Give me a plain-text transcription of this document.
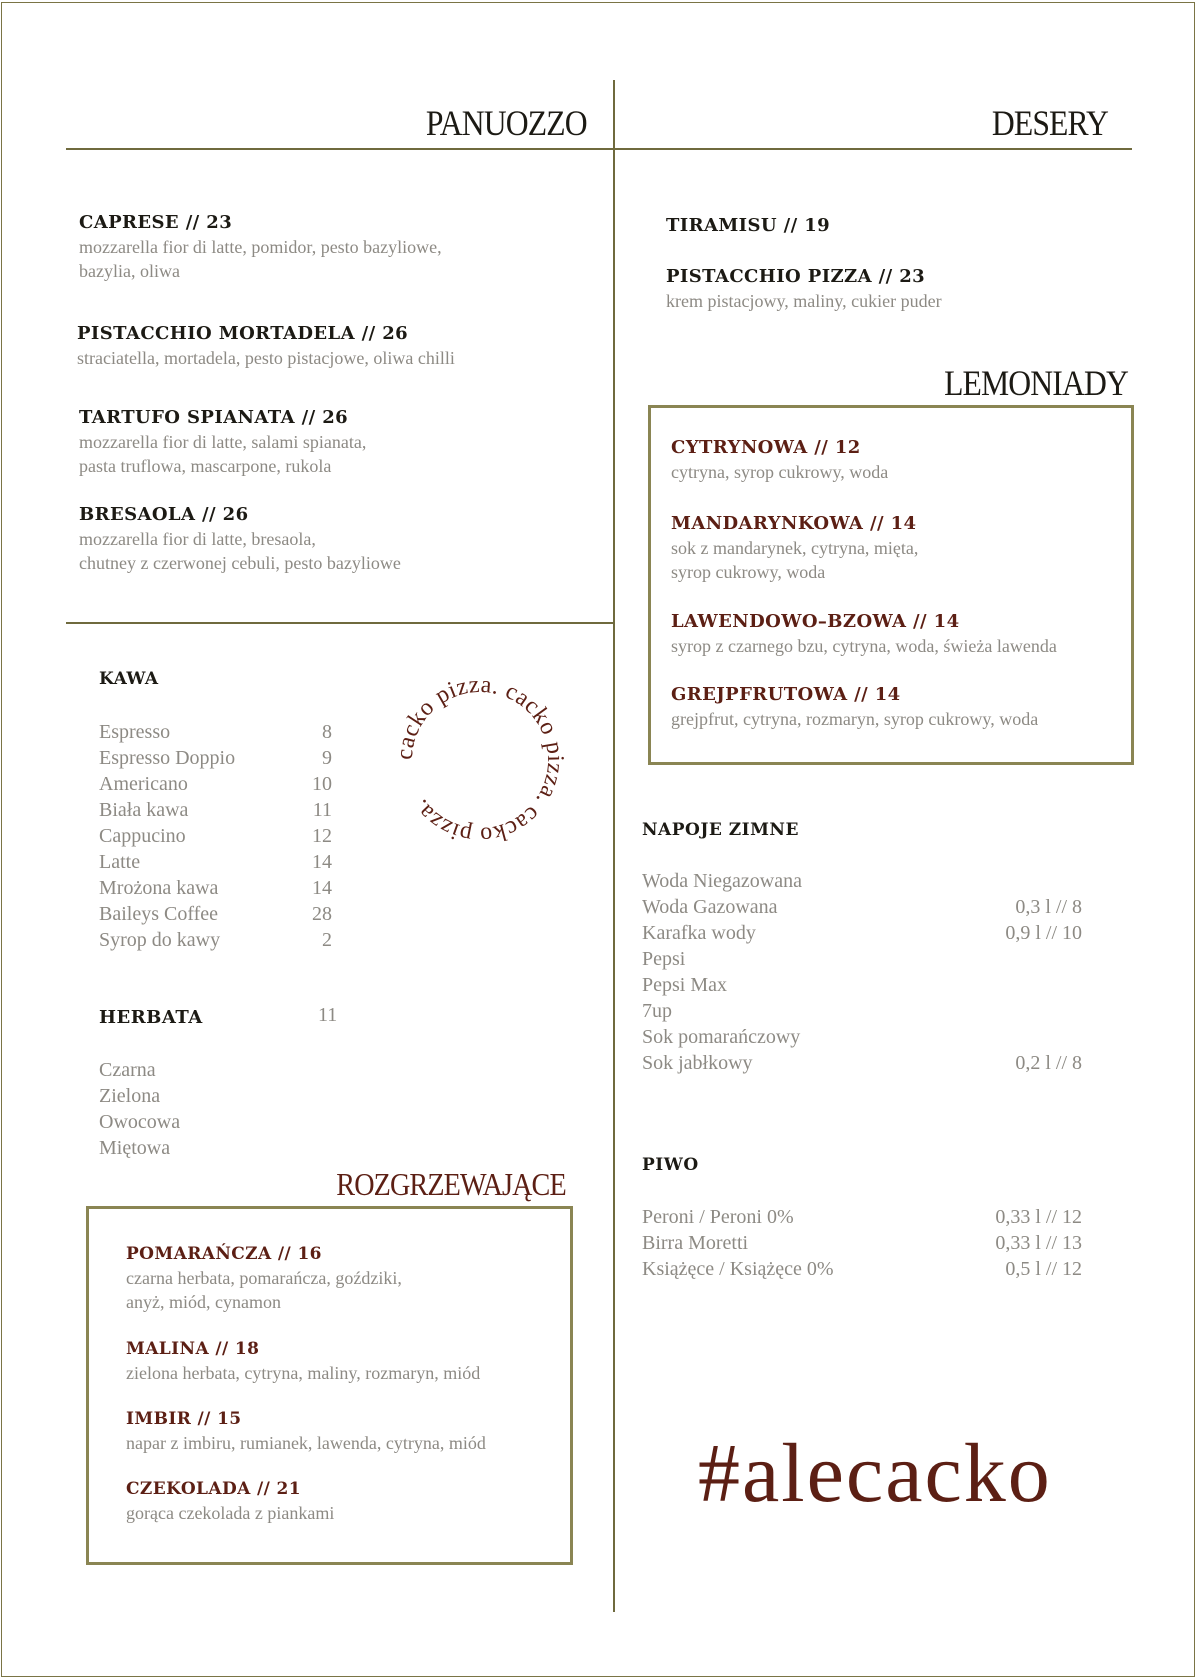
PANUOZZO
CAPRESE // 23
mozzarella fior di latte, pomidor, pesto bazyliowe,
bazylia, oliwa
PISTACCHIO MORTADELA // 26
straciatella, mortadela, pesto pistacjowe, oliwa chilli
TARTUFO SPIANATA // 26
mozzarella fior di latte, salami spianata,
pasta truflowa, mascarpone, rukola
BRESAOLA // 26
mozzarella fior di latte, bresaola,
chutney z czerwonej cebuli, pesto bazyliowe
DESERY
TIRAMISU // 19
PISTACCHIO PIZZA // 23
krem pistacjowy, maliny, cukier puder
LEMONIADY
CYTRYNOWA // 12
cytryna, syrop cukrowy, woda
MANDARYNKOWA // 14
sok z mandarynek, cytryna, mięta,
syrop cukrowy, woda
LAWENDOWO–BZOWA // 14
syrop z czarnego bzu, cytryna, woda, świeża lawenda
GREJPFRUTOWA // 14
grejpfrut, cytryna, rozmaryn, syrop cukrowy, woda
KAWA
Espresso	8
Espresso Doppio	9
Americano	10
Biała kawa	11
Cappucino	12
Latte	14
Mrożona kawa	14
Baileys Coffee	28
Syrop do kawy	2
cacko pizza. cacko pizza. cacko pizza.
HERBATA	11
Czarna
Zielona
Owocowa
Miętowa
ROZGRZEWAJĄCE
POMARAŃCZA // 16
czarna herbata, pomarańcza, goździki,
anyż, miód, cynamon
MALINA // 18
zielona herbata, cytryna, maliny, rozmaryn, miód
IMBIR // 15
napar z imbiru, rumianek, lawenda, cytryna, miód
CZEKOLADA // 21
gorąca czekolada z piankami
NAPOJE ZIMNE
Woda Niegazowana
Woda Gazowana	0,3 l // 8
Karafka wody	0,9 l // 10
Pepsi
Pepsi Max
7up
Sok pomarańczowy
Sok jabłkowy	0,2 l // 8
PIWO
Peroni / Peroni 0%	0,33 l // 12
Birra Moretti	0,33 l // 13
Książęce / Książęce 0%	0,5 l // 12
#alecacko
